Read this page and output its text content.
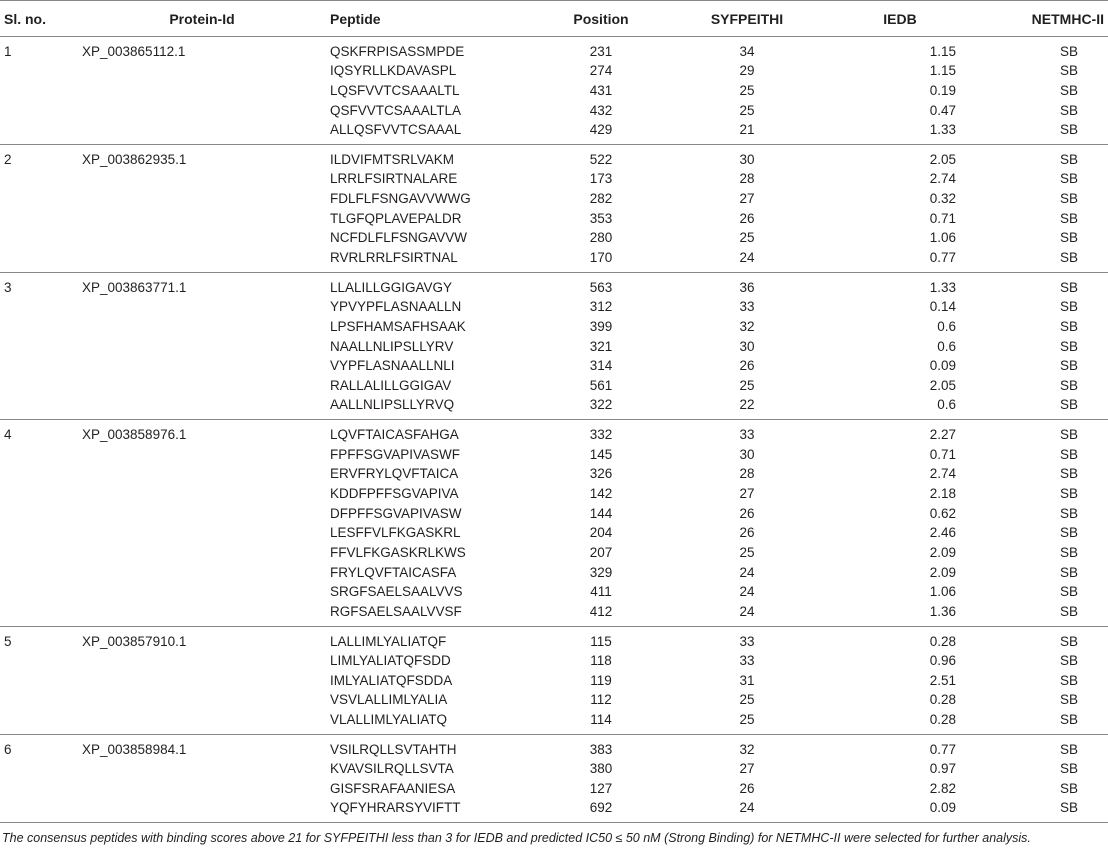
Sl. no.	Protein-Id	Peptide	Position	SYFPEITHI	IEDB	NETMHC-II
1	XP_003865112.1	QSKFRPISASSMPDE	231	34	1.15	SB
		IQSYRLLKDAVASPL	274	29	1.15	SB
		LQSFVVTCSAAALTL	431	25	0.19	SB
		QSFVVTCSAAALTLA	432	25	0.47	SB
		ALLQSFVVTCSAAAL	429	21	1.33	SB
2	XP_003862935.1	ILDVIFMTSRLVAKM	522	30	2.05	SB
		LRRLFSIRTNALARE	173	28	2.74	SB
		FDLFLFSNGAVVWWG	282	27	0.32	SB
		TLGFQPLAVEPALDR	353	26	0.71	SB
		NCFDLFLFSNGAVVW	280	25	1.06	SB
		RVRLRRLFSIRTNAL	170	24	0.77	SB
3	XP_003863771.1	LLALILLGGIGAVGY	563	36	1.33	SB
		YPVYPFLASNAALLN	312	33	0.14	SB
		LPSFHAMSAFHSAAK	399	32	0.6	SB
		NAALLNLIPSLLYRV	321	30	0.6	SB
		VYPFLASNAALLNLI	314	26	0.09	SB
		RALLALILLGGIGAV	561	25	2.05	SB
		AALLNLIPSLLYRVQ	322	22	0.6	SB
4	XP_003858976.1	LQVFTAICASFAHGA	332	33	2.27	SB
		FPFFSGVAPIVASWF	145	30	0.71	SB
		ERVFRYLQVFTAICA	326	28	2.74	SB
		KDDFPFFSGVAPIVA	142	27	2.18	SB
		DFPFFSGVAPIVASW	144	26	0.62	SB
		LESFFVLFKGASKRL	204	26	2.46	SB
		FFVLFKGASKRLKWS	207	25	2.09	SB
		FRYLQVFTAICASFA	329	24	2.09	SB
		SRGFSAELSAALVVS	411	24	1.06	SB
		RGFSAELSAALVVSF	412	24	1.36	SB
5	XP_003857910.1	LALLIMLYALIATQF	115	33	0.28	SB
		LIMLYALIATQFSDD	118	33	0.96	SB
		IMLYALIATQFSDDA	119	31	2.51	SB
		VSVLALLIMLYALIA	112	25	0.28	SB
		VLALLIMLYALIATQ	114	25	0.28	SB
6	XP_003858984.1	VSILRQLLSVTAHTH	383	32	0.77	SB
		KVAVSILRQLLSVTA	380	27	0.97	SB
		GISFSRAFAANIESA	127	26	2.82	SB
		YQFYHRARSYVIFTT	692	24	0.09	SB

The consensus peptides with binding scores above 21 for SYFPEITHI less than 3 for IEDB and predicted IC50 ≤ 50 nM (Strong Binding) for NETMHC-II were selected for further analysis.
